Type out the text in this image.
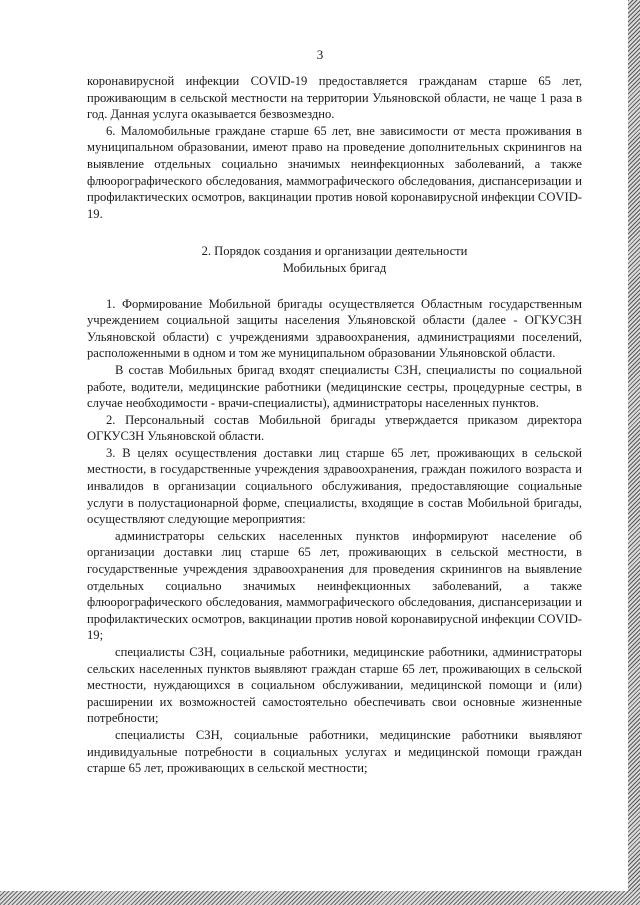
3

коронавирусной инфекции COVID-19 предоставляется гражданам старше 65 лет, проживающим в сельской местности на территории Ульяновской области, не чаще 1 раза в год. Данная услуга оказывается безвозмездно.

6. Маломобильные граждане старше 65 лет, вне зависимости от места проживания в муниципальном образовании, имеют право на проведение дополнительных скринингов на выявление отдельных социально значимых неинфекционных заболеваний, а также флюорографического обследования, маммографического обследования, диспансеризации и профилактических осмотров, вакцинации против новой коронавирусной инфекции COVID-19.

2. Порядок создания и организации деятельности
Мобильных бригад

1. Формирование Мобильной бригады осуществляется Областным государственным учреждением социальной защиты населения Ульяновской области (далее - ОГКУСЗН Ульяновской области) с учреждениями здравоохранения, администрациями поселений, расположенными в одном и том же муниципальном образовании Ульяновской области.

В состав Мобильных бригад входят специалисты СЗН, специалисты по социальной работе, водители, медицинские работники (медицинские сестры, процедурные сестры, в случае необходимости - врачи-специалисты), администраторы населенных пунктов.

2. Персональный состав Мобильной бригады утверждается приказом директора ОГКУСЗН Ульяновской области.

3. В целях осуществления доставки лиц старше 65 лет, проживающих в сельской местности, в государственные учреждения здравоохранения, граждан пожилого возраста и инвалидов в организации социального обслуживания, предоставляющие социальные услуги в полустационарной форме, специалисты, входящие в состав Мобильной бригады, осуществляют следующие мероприятия:

администраторы сельских населенных пунктов информируют население об организации доставки лиц старше 65 лет, проживающих в сельской местности, в государственные учреждения здравоохранения для проведения скринингов на выявление отдельных социально значимых неинфекционных заболеваний, а также флюорографического обследования, маммографического обследования, диспансеризации и профилактических осмотров, вакцинации против новой коронавирусной инфекции COVID-19;

специалисты СЗН, социальные работники, медицинские работники, администраторы сельских населенных пунктов выявляют граждан старше 65 лет, проживающих в сельской местности, нуждающихся в социальном обслуживании, медицинской помощи и (или) расширении их возможностей самостоятельно обеспечивать свои основные жизненные потребности;

специалисты СЗН, социальные работники, медицинские работники выявляют индивидуальные потребности в социальных услугах и медицинской помощи граждан старше 65 лет, проживающих в сельской местности;
